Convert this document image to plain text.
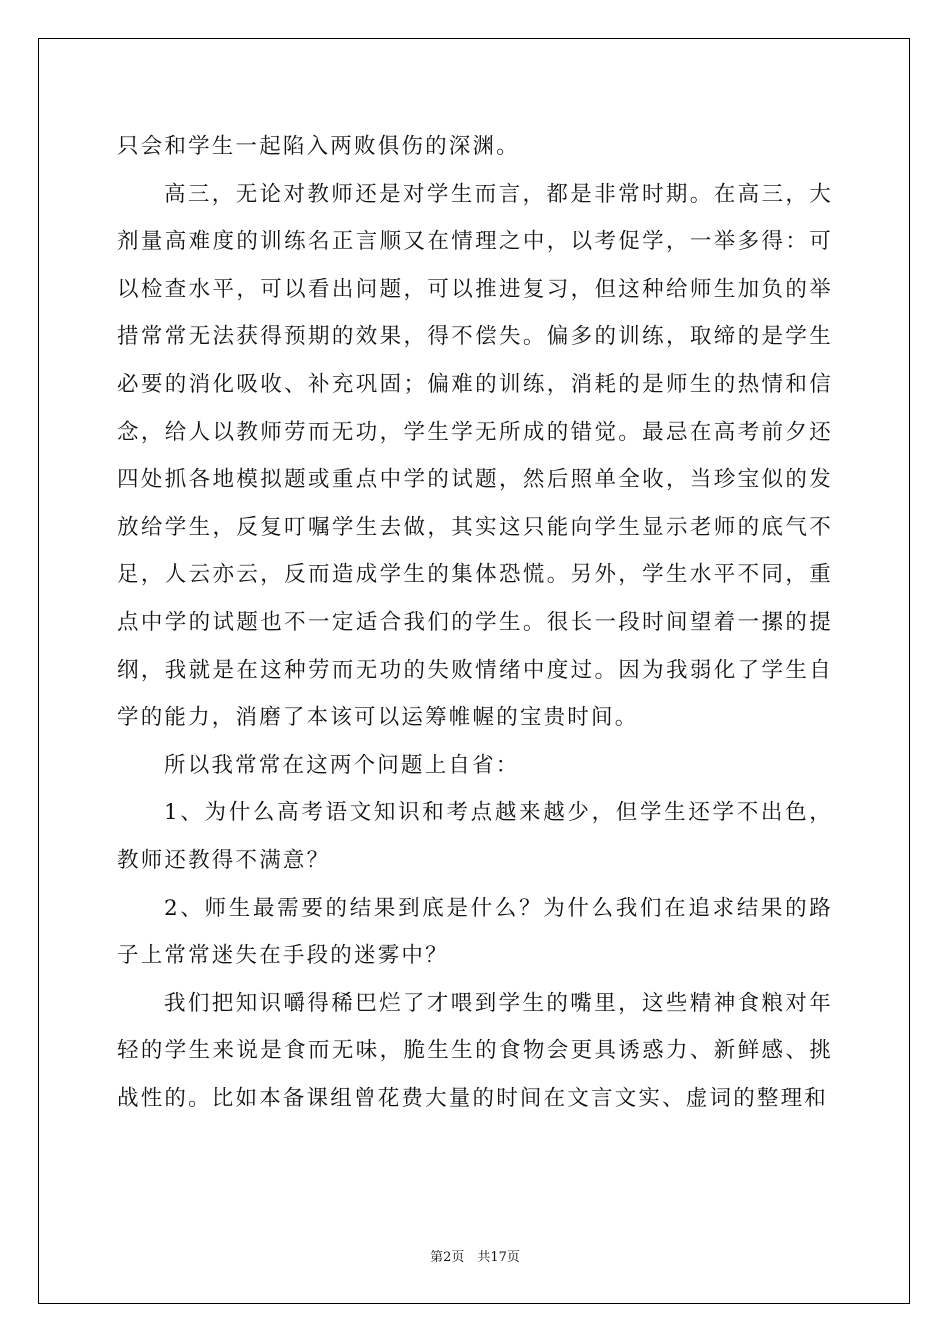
只会和学生一起陷入两败俱伤的深渊。

高三，无论对教师还是对学生而言，都是非常时期。在高三，大剂量高难度的训练名正言顺又在情理之中，以考促学，一举多得：可以检查水平，可以看出问题，可以推进复习，但这种给师生加负的举措常常无法获得预期的效果，得不偿失。偏多的训练，取缔的是学生必要的消化吸收、补充巩固；偏难的训练，消耗的是师生的热情和信念，给人以教师劳而无功，学生学无所成的错觉。最忌在高考前夕还四处抓各地模拟题或重点中学的试题，然后照单全收，当珍宝似的发放给学生，反复叮嘱学生去做，其实这只能向学生显示老师的底气不足，人云亦云，反而造成学生的集体恐慌。另外，学生水平不同，重点中学的试题也不一定适合我们的学生。很长一段时间望着一摞的提纲，我就是在这种劳而无功的失败情绪中度过。因为我弱化了学生自学的能力，消磨了本该可以运筹帷幄的宝贵时间。

所以我常常在这两个问题上自省：

1、为什么高考语文知识和考点越来越少，但学生还学不出色，教师还教得不满意？

2、师生最需要的结果到底是什么？为什么我们在追求结果的路子上常常迷失在手段的迷雾中？

我们把知识嚼得稀巴烂了才喂到学生的嘴里，这些精神食粮对年轻的学生来说是食而无味，脆生生的食物会更具诱惑力、新鲜感、挑战性的。比如本备课组曾花费大量的时间在文言文实、虚词的整理和

第2页　共17页
